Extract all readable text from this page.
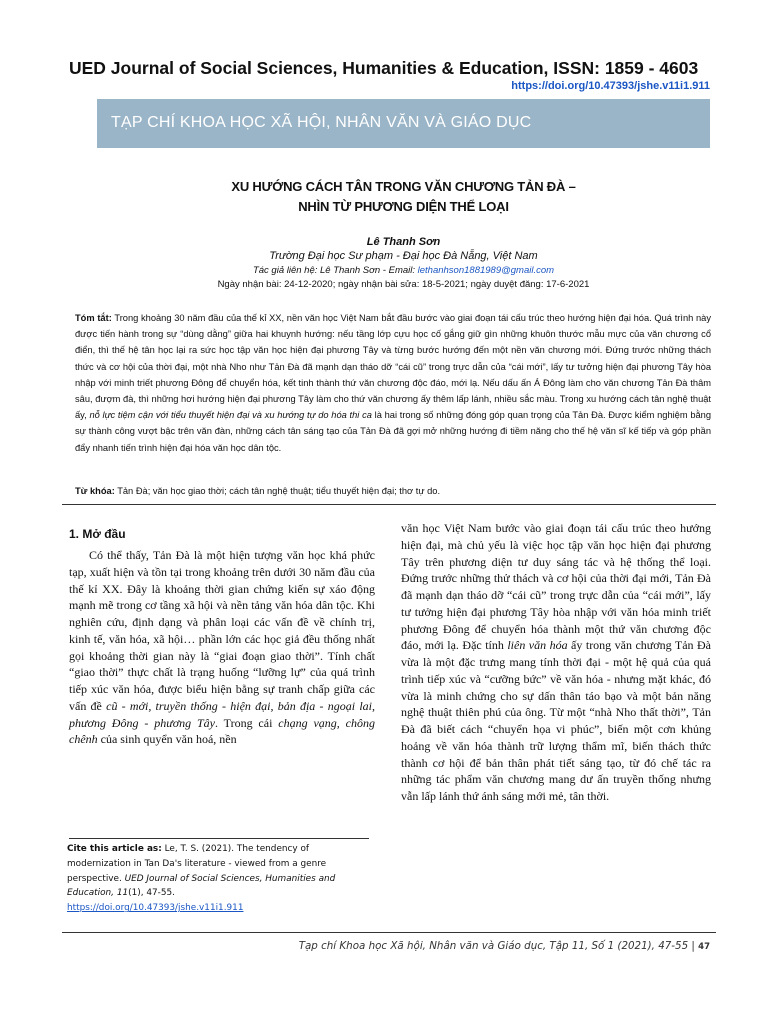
UED Journal of Social Sciences, Humanities & Education, ISSN: 1859 - 4603
https://doi.org/10.47393/jshe.v11i1.911
TẠP CHÍ KHOA HỌC XÃ HỘI, NHÂN VĂN VÀ GIÁO DỤC
XU HƯỚNG CÁCH TÂN TRONG VĂN CHƯƠNG TẢN ĐÀ –
NHÌN TỪ PHƯƠNG DIỆN THỂ LOẠI
Lê Thanh Sơn
Trường Đại học Sư phạm - Đại học Đà Nẵng, Việt Nam
Tác giả liên hệ: Lê Thanh Sơn - Email: lethanhson1881989@gmail.com
Ngày nhận bài: 24-12-2020; ngày nhận bài sửa: 18-5-2021; ngày duyệt đăng: 17-6-2021
Tóm tắt: Trong khoảng 30 năm đầu của thế kỉ XX, nền văn học Việt Nam bắt đầu bước vào giai đoạn tái cấu trúc theo hướng hiện đại hóa. Quá trình này được tiến hành trong sự “dùng dằng” giữa hai khuynh hướng: nếu tầng lớp cựu học cố gắng giữ gìn những khuôn thước mẫu mực của văn chương cổ điển, thì thế hệ tân học lại ra sức học tập văn học hiện đại phương Tây và từng bước hướng đến một nền văn chương mới. Đứng trước những thách thức và cơ hội của thời đại, một nhà Nho như Tản Đà đã mạnh dạn tháo dỡ “cái cũ” trong trực dẫn của “cái mới”, lấy tư tưởng hiện đại phương Tây hòa nhập với minh triết phương Đông để chuyển hóa, kết tinh thành thứ văn chương độc đáo, mới lạ. Nếu dấu ấn Á Đông làm cho văn chương Tản Đà thâm sâu, đượm đà, thì những hơi hướng hiện đại phương Tây làm cho thứ văn chương ấy thêm lấp lánh, nhiều sắc màu. Trong xu hướng cách tân nghệ thuật ấy, nỗ lực tiệm cận với tiểu thuyết hiện đại và xu hướng tự do hóa thi ca là hai trong số những đóng góp quan trọng của Tản Đà. Được kiểm nghiệm bằng sự thành công vượt bậc trên văn đàn, những cách tân sáng tạo của Tản Đà đã gợi mở những hướng đi tiềm năng cho thế hệ văn sĩ kế tiếp và góp phần đẩy nhanh tiến trình hiện đại hóa văn học dân tộc.
Từ khóa: Tản Đà; văn học giao thời; cách tân nghệ thuật; tiểu thuyết hiện đại; thơ tự do.
1. Mở đầu
Có thể thấy, Tản Đà là một hiện tượng văn học khá phức tạp, xuất hiện và tồn tại trong khoảng trên dưới 30 năm đầu của thế kỉ XX. Đây là khoảng thời gian chứng kiến sự xáo động mạnh mẽ trong cơ tầng xã hội và nền tảng văn hóa dân tộc. Khi nghiên cứu, định dạng và phân loại các vấn đề về chính trị, kinh tế, văn hóa, xã hội… phần lớn các học giả đều thống nhất gọi khoảng thời gian này là “giai đoạn giao thời”. Tính chất “giao thời” thực chất là trạng huống “lưỡng lự” của quá trình tiếp xúc văn hóa, được biểu hiện bằng sự tranh chấp giữa các vấn đề cũ - mới, truyền thống - hiện đại, bản địa - ngoại lai, phương Đông - phương Tây. Trong cái chạng vạng, chông chênh của sinh quyển văn hoá, nền
văn học Việt Nam bước vào giai đoạn tái cấu trúc theo hướng hiện đại, mà chủ yếu là việc học tập văn học hiện đại phương Tây trên phương diện tư duy sáng tác và hệ thống thể loại. Đứng trước những thử thách và cơ hội của thời đại mới, Tản Đà đã mạnh dạn tháo dỡ “cái cũ” trong trực dẫn của “cái mới”, lấy tư tưởng hiện đại phương Tây hòa nhập với văn hóa minh triết phương Đông để chuyển hóa thành một thứ văn chương độc đáo, mới lạ. Đặc tính liên văn hóa ấy trong văn chương Tản Đà vừa là một đặc trưng mang tính thời đại - một hệ quả của quá trình tiếp xúc và “cưỡng bức” về văn hóa - nhưng mặt khác, đó vừa là minh chứng cho sự dấn thân táo bạo và một bản năng nghệ thuật thiên phú của ông. Từ một “nhà Nho thất thời”, Tản Đà đã biết cách “chuyển họa vi phúc”, biến một cơn khủng hoảng về văn hóa thành trữ lượng thẩm mĩ, biến thách thức thành cơ hội để bản thân phát tiết sáng tạo, từ đó chế tác ra những tác phẩm văn chương mang dư ấn truyền thống nhưng vẫn lấp lánh thứ ánh sáng mới mẻ, tân thời.
Cite this article as: Le, T. S. (2021). The tendency of modernization in Tan Da's literature - viewed from a genre perspective. UED Journal of Social Sciences, Humanities and Education, 11(1), 47-55.
https://doi.org/10.47393/jshe.v11i1.911
Tạp chí Khoa học Xã hội, Nhân văn và Giáo dục, Tập 11, Số 1 (2021), 47-55 | 47
